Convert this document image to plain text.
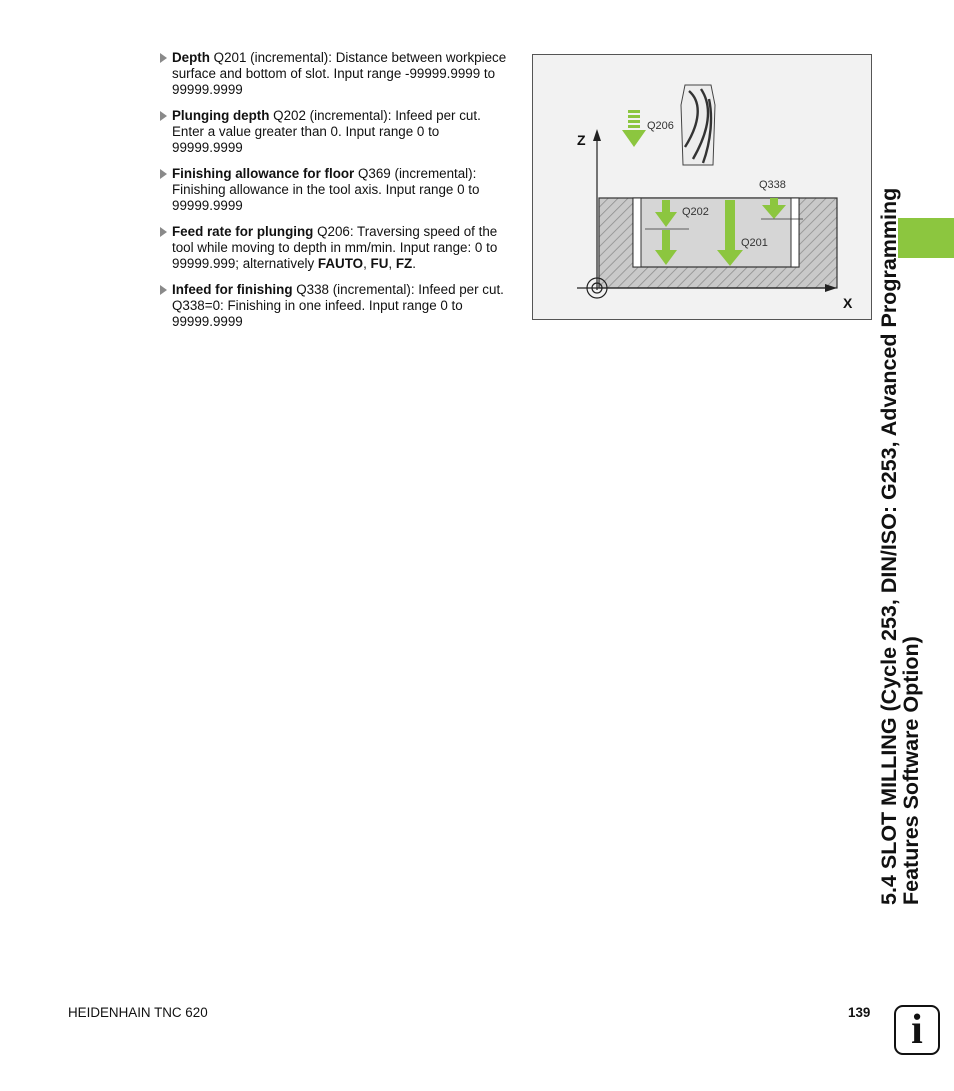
Depth Q201 (incremental): Distance between workpiece surface and bottom of slot. Input range -99999.9999 to 99999.9999
Plunging depth Q202 (incremental): Infeed per cut. Enter a value greater than 0. Input range 0 to 99999.9999
Finishing allowance for floor Q369 (incremental): Finishing allowance in the tool axis. Input range 0 to 99999.9999
Feed rate for plunging Q206: Traversing speed of the tool while moving to depth in mm/min. Input range: 0 to 99999.999; alternatively FAUTO, FU, FZ.
Infeed for finishing Q338 (incremental): Infeed per cut. Q338=0: Finishing in one infeed. Input range 0 to 99999.9999
Z
X
Q206
Q202
Q201
Q338
5.4 SLOT MILLING (Cycle 253, DIN/ISO: G253, Advanced Programming
Features Software Option)
HEIDENHAIN TNC 620	139 i
